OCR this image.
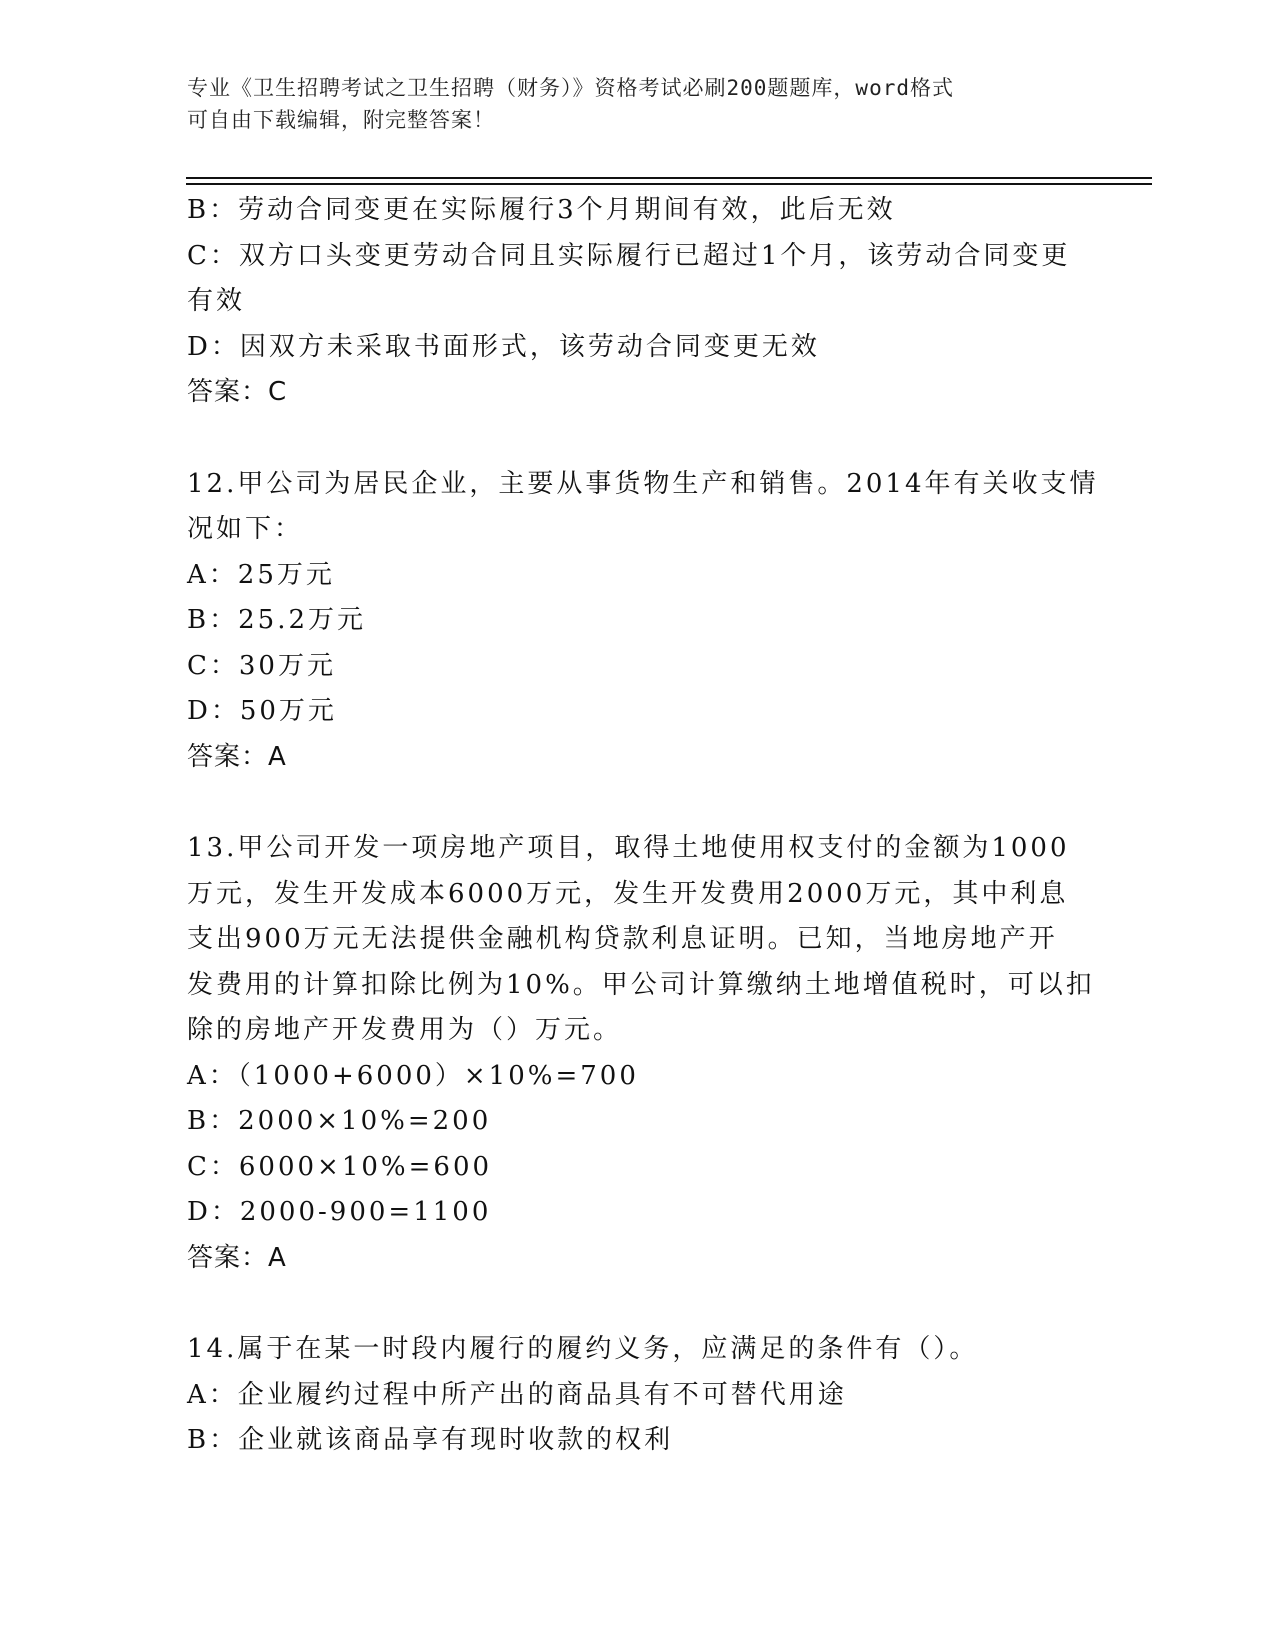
专业《卫生招聘考试之卫生招聘（财务）》资格考试必刷200题题库，word格式
可自由下载编辑，附完整答案！
B：劳动合同变更在实际履行3个月期间有效，此后无效
C：双方口头变更劳动合同且实际履行已超过1个月，该劳动合同变更
有效
D：因双方未采取书面形式，该劳动合同变更无效
答案：C
12.甲公司为居民企业，主要从事货物生产和销售。2014年有关收支情
况如下：
A：25万元
B：25.2万元
C：30万元
D：50万元
答案：A
13.甲公司开发一项房地产项目，取得土地使用权支付的金额为1000
万元，发生开发成本6000万元，发生开发费用2000万元，其中利息
支出900万元无法提供金融机构贷款利息证明。已知，当地房地产开
发费用的计算扣除比例为10%。甲公司计算缴纳土地增值税时，可以扣
除的房地产开发费用为（）万元。
A：（1000+6000）×10%=700
B：2000×10%=200
C：6000×10%=600
D：2000-900=1100
答案：A
14.属于在某一时段内履行的履约义务，应满足的条件有（）。
A：企业履约过程中所产出的商品具有不可替代用途
B：企业就该商品享有现时收款的权利
